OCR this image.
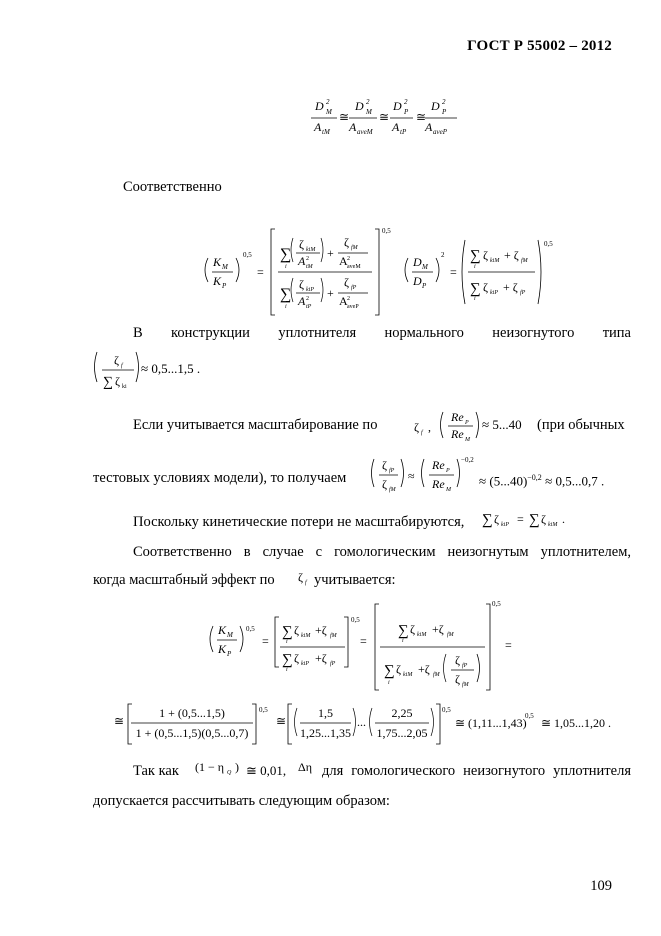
ГОСТ Р 55002 – 2012
D 2
M
A tM
≅
D 2
M
A aveM
≅
D 2
P
A tP
≅
D 2
P
A aveP
K M
K P
0,5
=
0,5
∑
ζ kiM
A 2
tM
i
+
ζ fM
A 2
aveM
∑
ζ kiP
A 2
tP
i
+
ζ fP
A 2
aveP
D M
D P
2
=
∑ ζ kiM + ζ fM
i
∑ ζ kiP + ζ fP
i
0,5
ζ f
∑ ζ ki
ζ f ,
Re P
Re M
ζ fP
ζ fM
≈
Re P
Re M
−0,2
∑ ζ kiP = ∑ ζ kiM .
ζ f
K M
K P
0,5
=
∑ ζ kiM +ζ fM
i
∑ ζ kiP +ζ fP
i
0,5
=
∑ ζ kiM +ζ fM
i
∑ ζ kiM +ζ fM
i
ζ fP
ζ fM
0,5
=
≅
0,5
≅	...
0,5
0,5
(1 − η Q )	Δη
Соответственно
В конструкции уплотнителя нормального неизогнутого типа
≈ 0,5...1,5 .
Если учитывается масштабирование по	≈ 5...40 (при обычных
тестовых условиях модели), то получаем	≈ $(5...40)^{-0,2} \approx 0,5...0,7$ .
Поскольку кинетические потери не масштабируются,
Соответственно в случае с гомологическим неизогнутым уплотнителем,
когда масштабный эффект по	учитывается:
1 + (0,5...1,5)
1 + (0,5...1,5)(0,5...0,7)
1,5
1,25...1,35
2,25
1,75...2,05
≅ (1,11...1,43) ≅ 1,05...1,20 .
Так как	≅ 0,01, для гомологического неизогнутого уплотнителя
допускается рассчитывать следующим образом:
109
